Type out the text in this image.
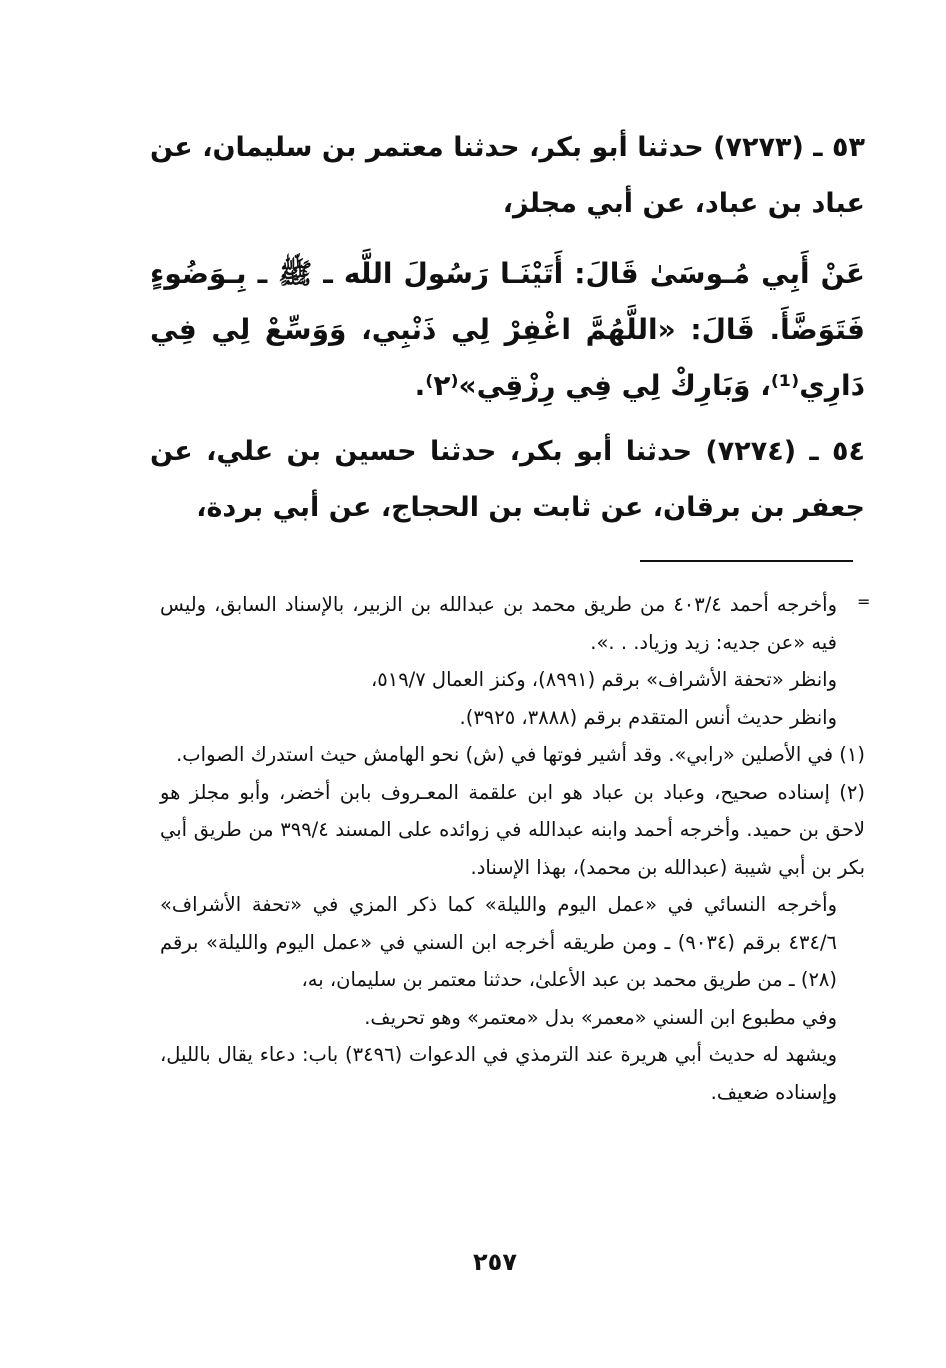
٥٣ ـ (٧٢٧٣) حدثنا أبو بكر، حدثنا معتمر بن سليمان، عن عباد بن عباد، عن أبي مجلز،

عَنْ أَبِي مُـوسَىٰ قَالَ: أَتَيْنَـا رَسُولَ اللَّه ـ ﷺ ـ بِـوَضُوءٍ فَتَوَضَّأَ. قَالَ: «اللَّهُمَّ اغْفِرْ لِي ذَنْبِي، وَوَسِّعْ لِي فِي دَارِي⁽¹⁾، وَبَارِكْ لِي فِي رِزْقِي»⁽٢⁾.

٥٤ ـ (٧٢٧٤) حدثنا أبو بكر، حدثنا حسين بن علي، عن جعفر بن برقان، عن ثابت بن الحجاج، عن أبي بردة،

=

وأخرجه أحمد ٤٠٣/٤ من طريق محمد بن عبدالله بن الزبير، بالإسناد السابق، وليس فيه «عن جديه: زيد وزياد. . .».

وانظر «تحفة الأشراف» برقم (٨٩٩١)، وكنز العمال ٥١٩/٧،

وانظر حديث أنس المتقدم برقم (٣٨٨٨، ٣٩٢٥).

(١) في الأصلين «رابي». وقد أشير فوتها في (ش) نحو الهامش حيث استدرك الصواب.

(٢) إسناده صحيح، وعباد بن عباد هو ابن علقمة المعـروف بابن أخضر، وأبو مجلز هو لاحق بن حميد. وأخرجه أحمد وابنه عبدالله في زوائده على المسند ٣٩٩/٤ من طريق أبي بكر بن أبي شيبة (عبدالله بن محمد)، بهذا الإسناد.

وأخرجه النسائي في «عمل اليوم والليلة» كما ذكر المزي في «تحفة الأشراف» ٤٣٤/٦ برقم (٩٠٣٤) ـ ومن طريقه أخرجه ابن السني في «عمل اليوم والليلة» برقم (٢٨) ـ من طريق محمد بن عبد الأعلىٰ، حدثنا معتمر بن سليمان، به،

وفي مطبوع ابن السني «معمر» بدل «معتمر» وهو تحريف.

ويشهد له حديث أبي هريرة عند الترمذي في الدعوات (٣٤٩٦) باب: دعاء يقال بالليل، وإسناده ضعيف.

٢٥٧
